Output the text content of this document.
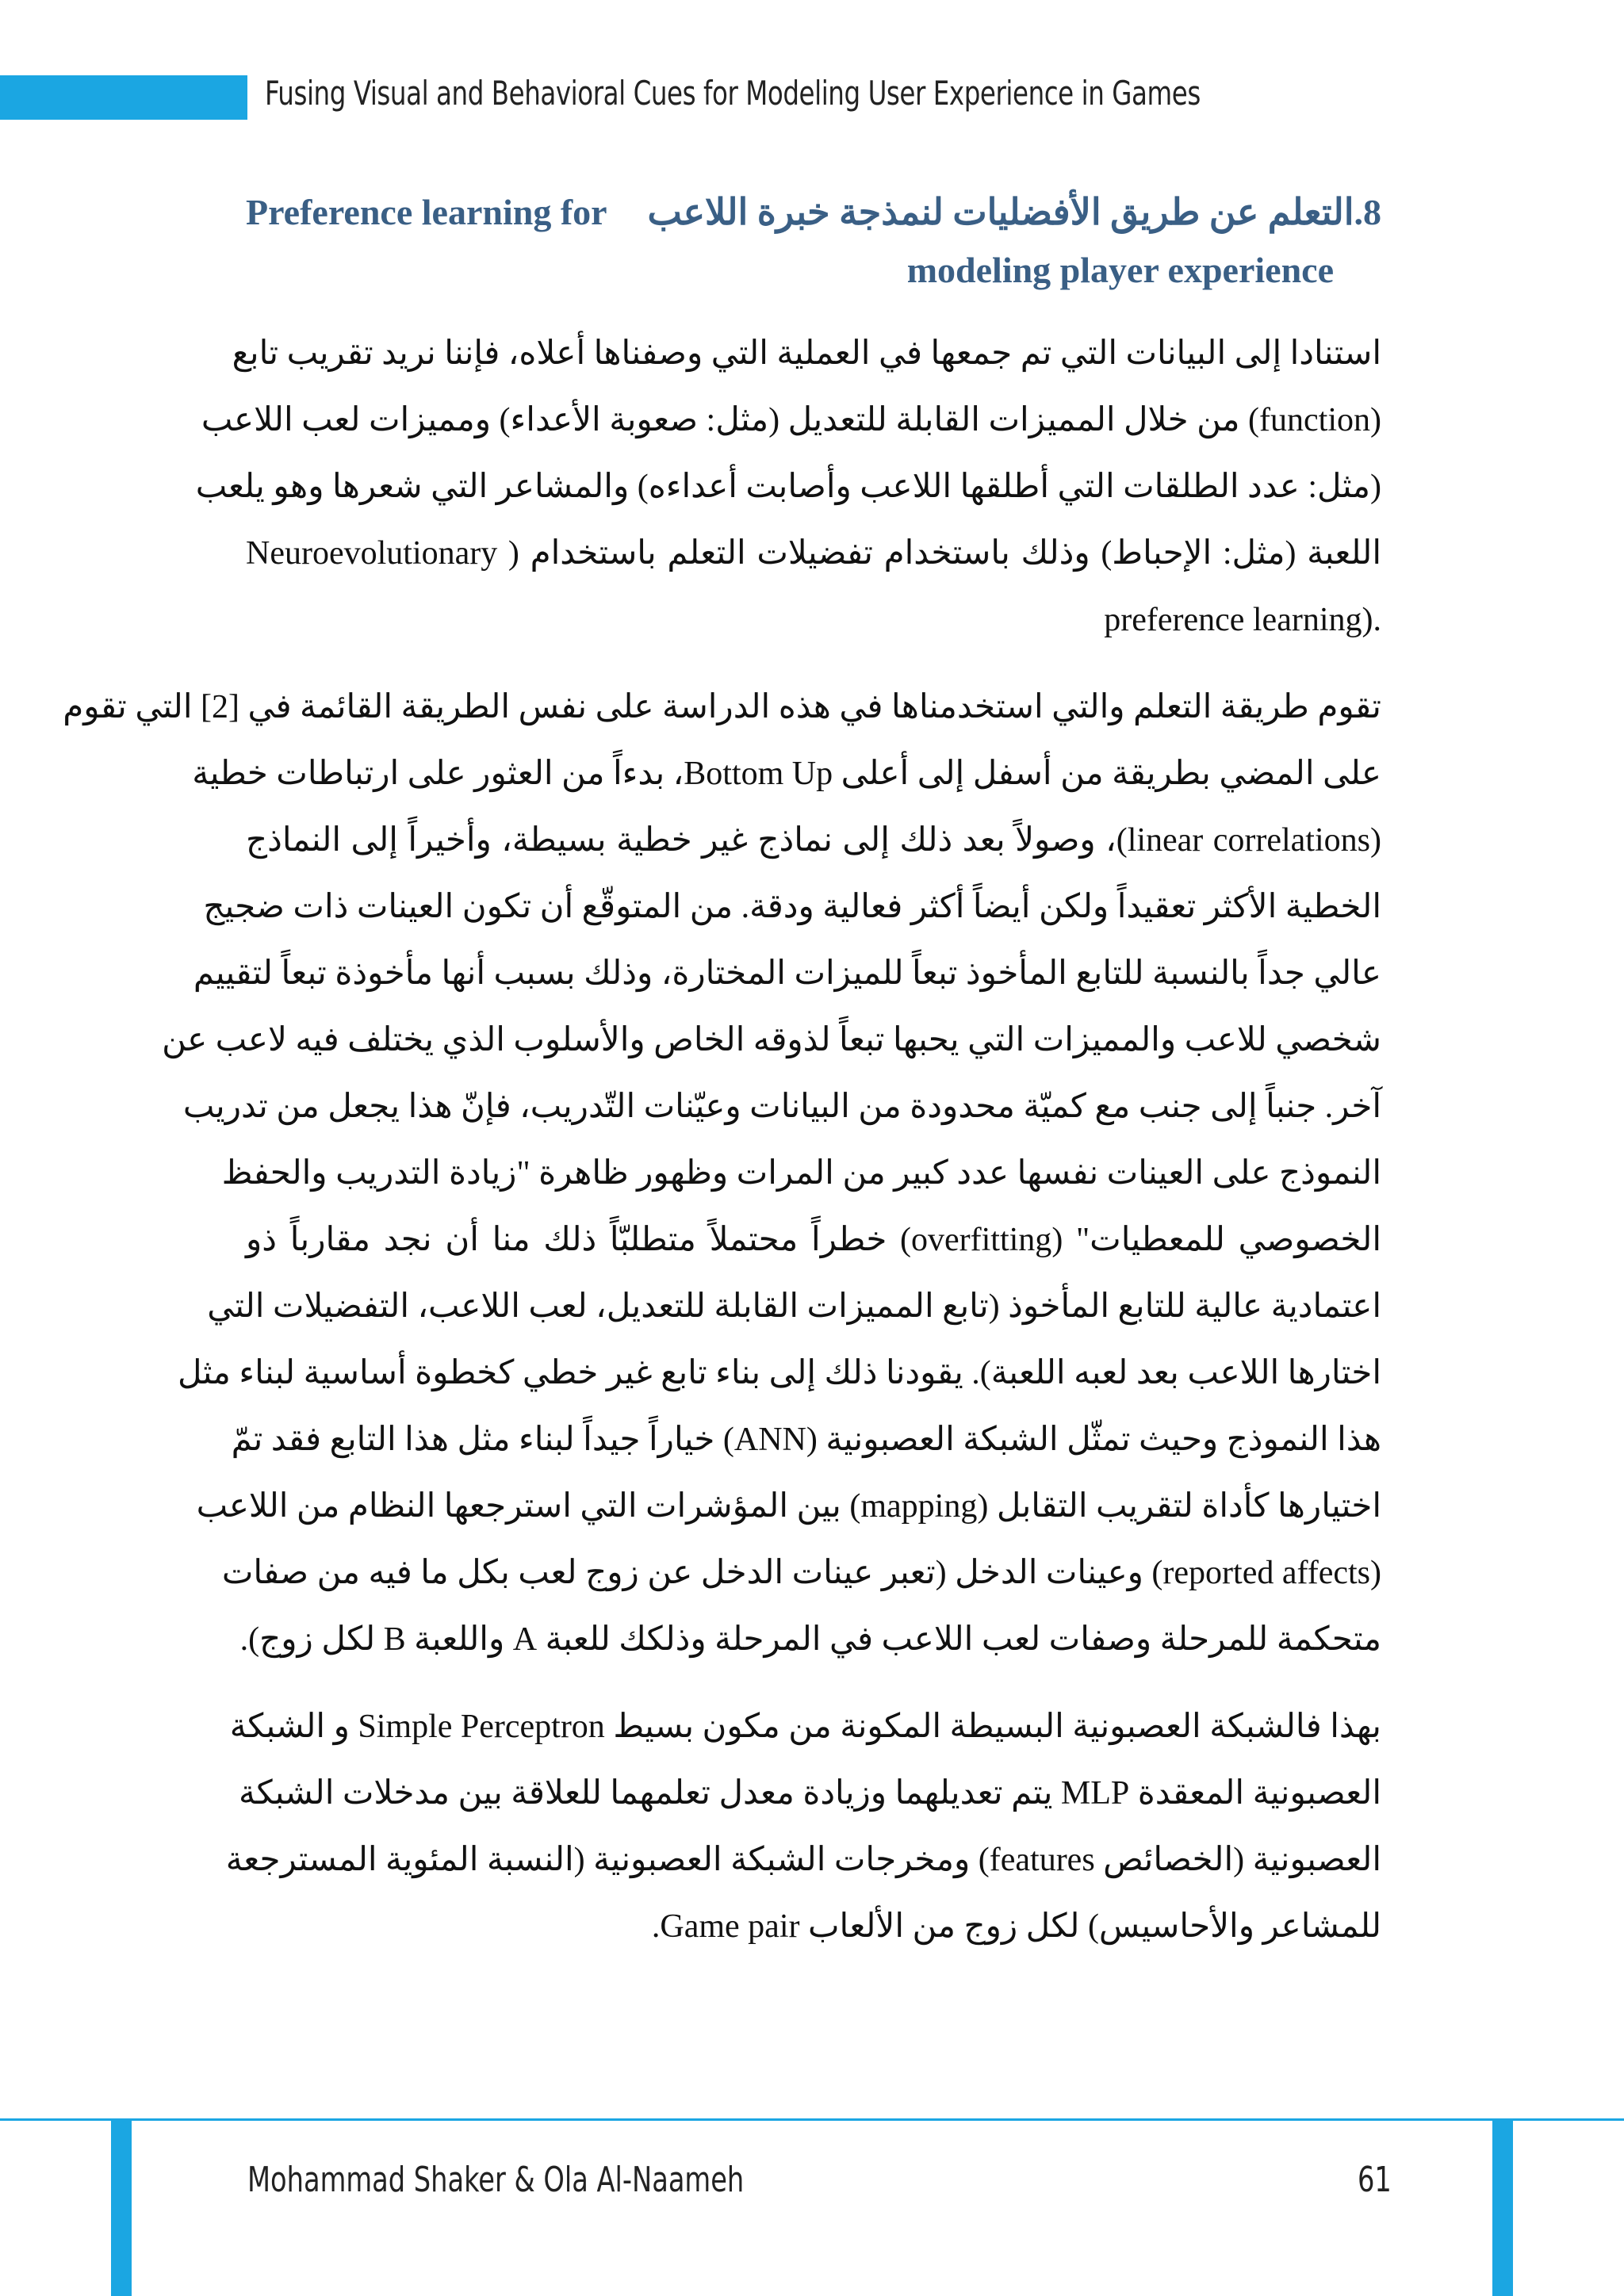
Fusing Visual and Behavioral Cues for Modeling User Experience in Games
Preference learning for	8.التعلم عن طريق الأفضليات لنمذجة خبرة اللاعب
modeling player experience
استنادا إلى البيانات التي تم جمعها في العملية التي وصفناها أعلاه، فإننا نريد تقريب تابع
(function) من خلال المميزات القابلة للتعديل (مثل: صعوبة الأعداء) ومميزات لعب اللاعب
(مثل: عدد الطلقات التي أطلقها اللاعب وأصابت أعداءه) والمشاعر التي شعرها وهو يلعب
اللعبة (مثل: الإحباط) وذلك باستخدام تفضيلات التعلم باستخدام ( Neuroevolutionary
.(preference learning
تقوم طريقة التعلم والتي استخدمناها في هذه الدراسة على نفس الطريقة القائمة في [2] التي تقوم
على المضي بطريقة من أسفل إلى أعلى Bottom Up، بدءاً من العثور على ارتباطات خطية
(linear correlations)، وصولاً بعد ذلك إلى نماذج غير خطية بسيطة، وأخيراً إلى النماذج
الخطية الأكثر تعقيداً ولكن أيضاً أكثر فعالية ودقة. من المتوقّع أن تكون العينات ذات ضجيج
عالي جداً بالنسبة للتابع المأخوذ تبعاً للميزات المختارة، وذلك بسبب أنها مأخوذة تبعاً لتقييم
شخصي للاعب والمميزات التي يحبها تبعاً لذوقه الخاص والأسلوب الذي يختلف فيه لاعب عن
آخر. جنباً إلى جنب مع كميّة محدودة من البيانات وعيّنات التّدريب، فإنّ هذا يجعل من تدريب
النموذج على العينات نفسها عدد كبير من المرات وظهور ظاهرة "زيادة التدريب والحفظ
الخصوصي للمعطيات" (overfitting) خطراً محتملاً متطلبّاً ذلك منا أن نجد مقارباً ذو
اعتمادية عالية للتابع المأخوذ (تابع المميزات القابلة للتعديل، لعب اللاعب، التفضيلات التي
اختارها اللاعب بعد لعبه اللعبة). يقودنا ذلك إلى بناء تابع غير خطي كخطوة أساسية لبناء مثل
هذا النموذج وحيث تمثّل الشبكة العصبونية (ANN) خياراً جيداً لبناء مثل هذا التابع فقد تمّ
اختيارها كأداة لتقريب التقابل (mapping) بين المؤشرات التي استرجعها النظام من اللاعب
(reported affects) وعينات الدخل (تعبر عينات الدخل عن زوج لعب بكل ما فيه من صفات
متحكمة للمرحلة وصفات لعب اللاعب في المرحلة وذلكك للعبة A واللعبة B لكل زوج).
بهذا فالشبكة العصبونية البسيطة المكونة من مكون بسيط Simple Perceptron و الشبكة
العصبونية المعقدة MLP يتم تعديلهما وزيادة معدل تعلمهما للعلاقة بين مدخلات الشبكة
العصبونية (الخصائص features) ومخرجات الشبكة العصبونية (النسبة المئوية المسترجعة
للمشاعر والأحاسيس) لكل زوج من الألعاب Game pair.
Mohammad Shaker & Ola Al-Naameh	61
